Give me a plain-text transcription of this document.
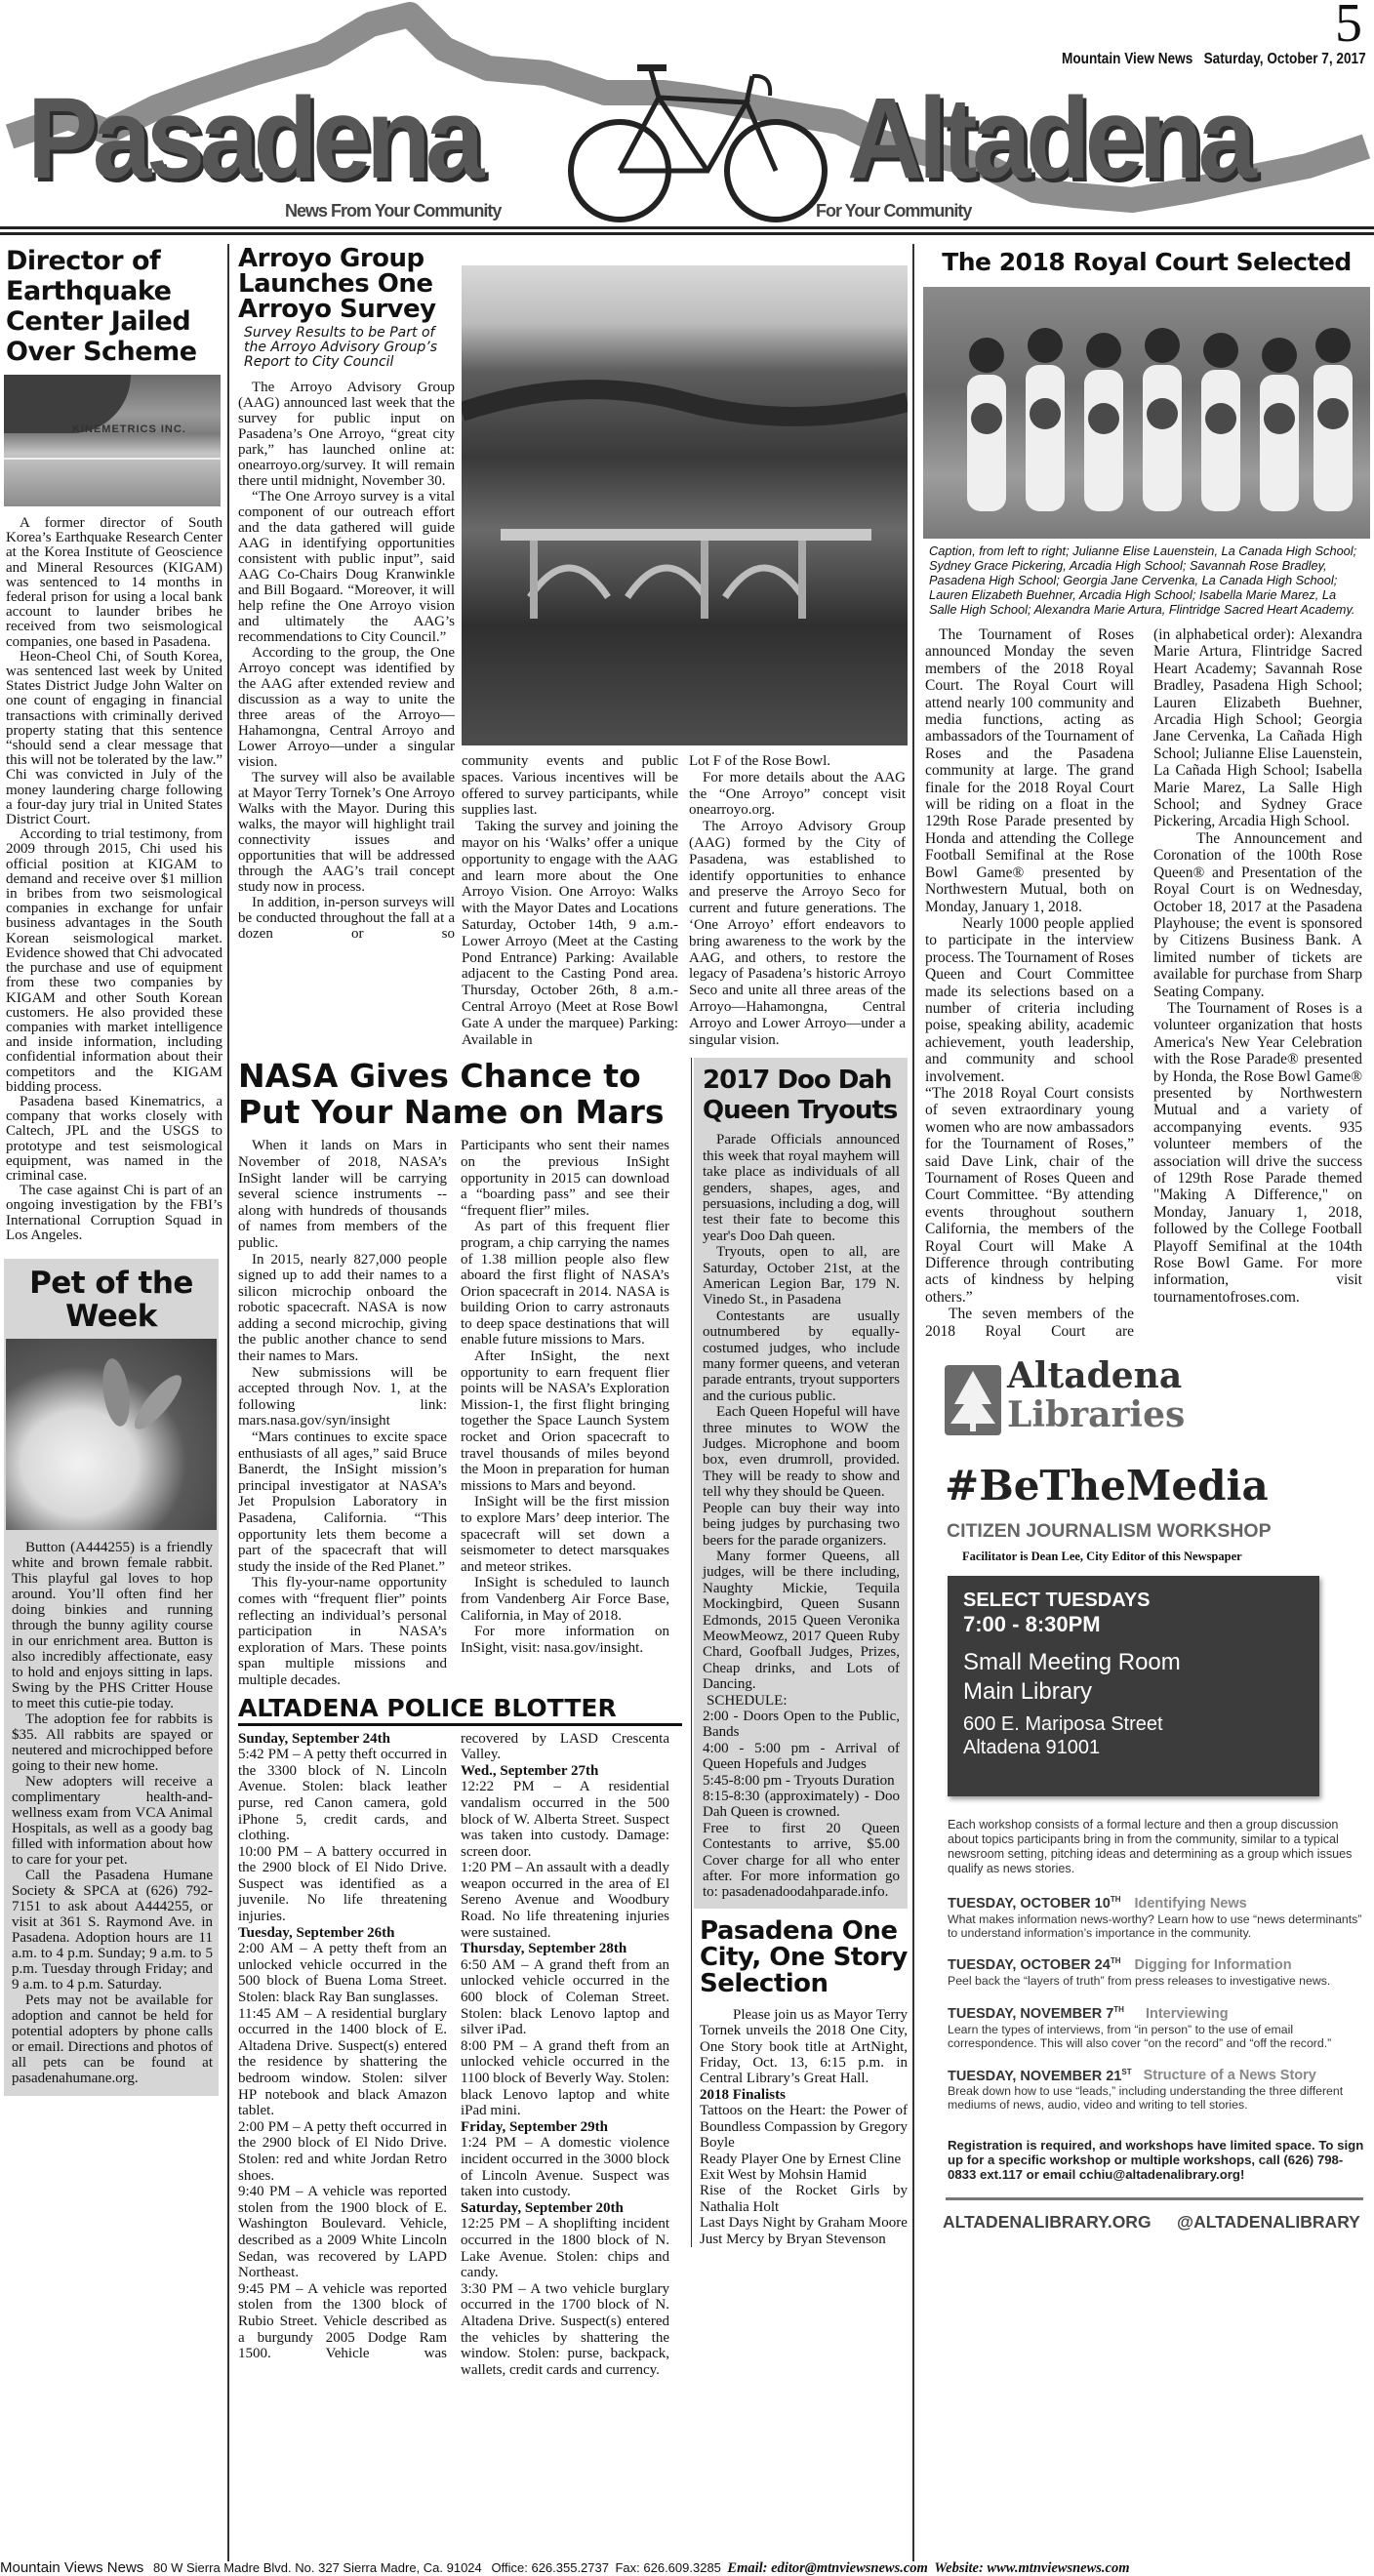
5
Mountain View News   Saturday, October 7, 2017
Pasadena	Altadena
News From Your Community	For Your Community
Director of Earthquake Center Jailed Over Scheme
KINEMETRICS INC.

A former director of South Korea’s Earthquake Research Center at the Korea Institute of Geoscience and Mineral Resources (KIGAM) was sentenced to 14 months in federal prison for using a local bank account to launder bribes he received from two seismological companies, one based in Pasadena.

Heon-Cheol Chi, of South Korea, was sentenced last week by United States District Judge John Walter on one count of engaging in financial transactions with criminally derived property stating that this sentence “should send a clear message that this will not be tolerated by the law.” Chi was convicted in July of the money laundering charge following a four-day jury trial in United States District Court.

According to trial testimony, from 2009 through 2015, Chi used his official position at KIGAM to demand and receive over $1 million in bribes from two seismological companies in exchange for unfair business advantages in the South Korean seismological market. Evidence showed that Chi advocated the purchase and use of equipment from these two companies by KIGAM and other South Korean customers. He also provided these companies with market intelligence and inside information, including confidential information about their competitors and the KIGAM bidding process.

Pasadena based Kinematrics, a company that works closely with Caltech, JPL and the USGS to prototype and test seismological equipment, was named in the criminal case.

The case against Chi is part of an ongoing investigation by the FBI’s International Corruption Squad in Los Angeles.

Pet of the Week

Button (A444255) is a friendly white and brown female rabbit. This playful gal loves to hop around. You’ll often find her doing binkies and running through the bunny agility course in our enrichment area. Button is also incredibly affectionate, easy to hold and enjoys sitting in laps. Swing by the PHS Critter House to meet this cutie-pie today.

The adoption fee for rabbits is $35. All rabbits are spayed or neutered and microchipped before going to their new home.

New adopters will receive a complimentary health-and-wellness exam from VCA Animal Hospitals, as well as a goody bag filled with information about how to care for your pet.

Call the Pasadena Humane Society & SPCA at (626) 792-7151 to ask about A444255, or visit at 361 S. Raymond Ave. in Pasadena. Adoption hours are 11 a.m. to 4 p.m. Sunday; 9 a.m. to 5 p.m. Tuesday through Friday; and 9 a.m. to 4 p.m. Saturday.

Pets may not be available for adoption and cannot be held for potential adopters by phone calls or email. Directions and photos of all pets can be found at pasadenahumane.org.

Arroyo Group Launches One Arroyo Survey
Survey Results to be Part of the Arroyo Advisory Group’s Report to City Council

The Arroyo Advisory Group (AAG) announced last week that the survey for public input on Pasadena’s One Arroyo, “great city park,” has launched online at: onearroyo.org/survey. It will remain there until midnight, November 30.

“The One Arroyo survey is a vital component of our outreach effort and the data gathered will guide AAG in identifying opportunities consistent with public input”, said AAG Co-Chairs Doug Kranwinkle and Bill Bogaard. “Moreover, it will help refine the One Arroyo vision and ultimately the AAG’s recommendations to City Council.”

According to the group, the One Arroyo concept was identified by the AAG after extended review and discussion as a way to unite the three areas of the Arroyo—Hahamongna, Central Arroyo and Lower Arroyo—under a singular vision.

The survey will also be available at Mayor Terry Tornek’s One Arroyo Walks with the Mayor. During this walks, the mayor will highlight trail connectivity issues and opportunities that will be addressed through the AAG’s trail concept study now in process.

In addition, in-person surveys will be conducted throughout the fall at a dozen or so

community events and public spaces. Various incentives will be offered to survey participants, while supplies last.

Taking the survey and joining the mayor on his ‘Walks’ offer a unique opportunity to engage with the AAG and learn more about the One Arroyo Vision. One Arroyo: Walks with the Mayor Dates and Locations Saturday, October 14th, 9 a.m.- Lower Arroyo (Meet at the Casting Pond Entrance) Parking: Available adjacent to the Casting Pond area. Thursday, October 26th, 8 a.m.- Central Arroyo (Meet at Rose Bowl Gate A under the marquee) Parking: Available in

Lot F of the Rose Bowl.

For more details about the AAG the “One Arroyo” concept visit onearroyo.org.

The Arroyo Advisory Group (AAG) formed by the City of Pasadena, was established to identify opportunities to enhance and preserve the Arroyo Seco for current and future generations. The ‘One Arroyo’ effort endeavors to bring awareness to the work by the AAG, and others, to restore the legacy of Pasadena’s historic Arroyo Seco and unite all three areas of the Arroyo—Hahamongna, Central Arroyo and Lower Arroyo—under a singular vision.

NASA Gives Chance to Put Your Name on Mars

When it lands on Mars in November of 2018, NASA’s InSight lander will be carrying several science instruments -- along with hundreds of thousands of names from members of the public.

In 2015, nearly 827,000 people signed up to add their names to a silicon microchip onboard the robotic spacecraft. NASA is now adding a second microchip, giving the public another chance to send their names to Mars.

New submissions will be accepted through Nov. 1, at the following link: mars.nasa.gov/syn/insight

“Mars continues to excite space enthusiasts of all ages,” said Bruce Banerdt, the InSight mission’s principal investigator at NASA’s Jet Propulsion Laboratory in Pasadena, California. “This opportunity lets them become a part of the spacecraft that will study the inside of the Red Planet.”

This fly-your-name opportunity comes with “frequent flier” points reflecting an individual’s personal participation in NASA’s exploration of Mars. These points span multiple missions and multiple decades.

Participants who sent their names on the previous InSight opportunity in 2015 can download a “boarding pass” and see their “frequent flier” miles.

As part of this frequent flier program, a chip carrying the names of 1.38 million people also flew aboard the first flight of NASA’s Orion spacecraft in 2014. NASA is building Orion to carry astronauts to deep space destinations that will enable future missions to Mars.

After InSight, the next opportunity to earn frequent flier points will be NASA’s Exploration Mission-1, the first flight bringing together the Space Launch System rocket and Orion spacecraft to travel thousands of miles beyond the Moon in preparation for human missions to Mars and beyond.

InSight will be the first mission to explore Mars’ deep interior. The spacecraft will set down a seismometer to detect marsquakes and meteor strikes.

InSight is scheduled to launch from Vandenberg Air Force Base, California, in May of 2018.

For more information on InSight, visit: nasa.gov/insight.

ALTADENA POLICE BLOTTER

Sunday, September 24th
5:42 PM – A petty theft occurred in the 3300 block of N. Lincoln Avenue. Stolen: black leather purse, red Canon camera, gold iPhone 5, credit cards, and clothing.

10:00 PM – A battery occurred in the 2900 block of El Nido Drive. Suspect was identified as a juvenile. No life threatening injuries.

Tuesday, September 26th
2:00 AM – A petty theft from an unlocked vehicle occurred in the 500 block of Buena Loma Street. Stolen: black Ray Ban sunglasses.

11:45 AM – A residential burglary occurred in the 1400 block of E. Altadena Drive. Suspect(s) entered the residence by shattering the bedroom window. Stolen: silver HP notebook and black Amazon tablet.

2:00 PM – A petty theft occurred in the 2900 block of El Nido Drive. Stolen: red and white Jordan Retro shoes.

9:40 PM – A vehicle was reported stolen from the 1900 block of E. Washington Boulevard. Vehicle, described as a 2009 White Lincoln Sedan, was recovered by LAPD Northeast.

9:45 PM – A vehicle was reported stolen from the 1300 block of Rubio Street. Vehicle described as a burgundy 2005 Dodge Ram 1500. Vehicle was

recovered by LASD Crescenta Valley.

Wed., September 27th
12:22 PM – A residential vandalism occurred in the 500 block of W. Alberta Street. Suspect was taken into custody. Damage: screen door.

1:20 PM – An assault with a deadly weapon occurred in the area of El Sereno Avenue and Woodbury Road. No life threatening injuries were sustained.

Thursday, September 28th
6:50 AM – A grand theft from an unlocked vehicle occurred in the 600 block of Coleman Street. Stolen: black Lenovo laptop and silver iPad.

8:00 PM – A grand theft from an unlocked vehicle occurred in the 1100 block of Beverly Way. Stolen: black Lenovo laptop and white iPad mini.

Friday, September 29th
1:24 PM – A domestic violence incident occurred in the 3000 block of Lincoln Avenue. Suspect was taken into custody.

Saturday, September 20th
12:25 PM – A shoplifting incident occurred in the 1800 block of N. Lake Avenue. Stolen: chips and candy.

3:30 PM – A two vehicle burglary occurred in the 1700 block of N. Altadena Drive. Suspect(s) entered the vehicles by shattering the window. Stolen: purse, backpack, wallets, credit cards and currency.

2017 Doo Dah Queen Tryouts

Parade Officials announced this week that royal mayhem will take place as individuals of all genders, shapes, ages, and persuasions, including a dog, will test their fate to become this year's Doo Dah queen.

Tryouts, open to all, are Saturday, October 21st, at the American Legion Bar, 179 N. Vinedo St., in Pasadena

Contestants are usually outnumbered by equally-costumed judges, who include many former queens, and veteran parade entrants, tryout supporters and the curious public.

Each Queen Hopeful will have three minutes to WOW the Judges. Microphone and boom box, even drumroll, provided. They will be ready to show and tell why they should be Queen.

People can buy their way into being judges by purchasing two beers for the parade organizers.

Many former Queens, all judges, will be there including, Naughty Mickie, Tequila Mockingbird, Queen Susann Edmonds, 2015 Queen Veronika MeowMeowz, 2017 Queen Ruby Chard, Goofball Judges, Prizes, Cheap drinks, and Lots of Dancing.

SCHEDULE:

2:00 - Doors Open to the Public, Bands

4:00 - 5:00 pm - Arrival of Queen Hopefuls and Judges

5:45-8:00 pm - Tryouts Duration

8:15-8:30 (approximately) - Doo Dah Queen is crowned.

Free to first 20 Queen Contestants to arrive, $5.00 Cover charge for all who enter after. For more information go to: pasadenadoodahparade.info.

Pasadena One City, One Story Selection

Please join us as Mayor Terry Tornek unveils the 2018 One City, One Story book title at ArtNight, Friday, Oct. 13, 6:15 p.m. in Central Library’s Great Hall.

2018 Finalists

Tattoos on the Heart: the Power of Boundless Compassion by Gregory Boyle

Ready Player One by Ernest Cline

Exit West by Mohsin Hamid

Rise of the Rocket Girls by Nathalia Holt

Last Days Night by Graham Moore

Just Mercy by Bryan Stevenson

The 2018 Royal Court Selected
Caption, from left to right; Julianne Elise Lauenstein, La Canada High School; Sydney Grace Pickering, Arcadia High School; Savannah Rose Bradley, Pasadena High School; Georgia Jane Cervenka, La Canada High School; Lauren Elizabeth Buehner, Arcadia High School; Isabella Marie Marez, La Salle High School; Alexandra Marie Artura, Flintridge Sacred Heart Academy.

The Tournament of Roses announced Monday the seven members of the 2018 Royal Court. The Royal Court will attend nearly 100 community and media functions, acting as ambassadors of the Tournament of Roses and the Pasadena community at large. The grand finale for the 2018 Royal Court will be riding on a float in the 129th Rose Parade presented by Honda and attending the College Football Semifinal at the Rose Bowl Game® presented by Northwestern Mutual, both on Monday, January 1, 2018.

Nearly 1000 people applied to participate in the interview process. The Tournament of Roses Queen and Court Committee made its selections based on a number of criteria including poise, speaking ability, academic achievement, youth leadership, and community and school involvement.

“The 2018 Royal Court consists of seven extraordinary young women who are now ambassadors for the Tournament of Roses,” said Dave Link, chair of the Tournament of Roses Queen and Court Committee. “By attending events throughout southern California, the members of the Royal Court will Make A Difference through contributing acts of kindness by helping others.”

The seven members of the 2018 Royal Court are

(in alphabetical order): Alexandra Marie Artura, Flintridge Sacred Heart Academy; Savannah Rose Bradley, Pasadena High School; Lauren Elizabeth Buehner, Arcadia High School; Georgia Jane Cervenka, La Cañada High School; Julianne Elise Lauenstein, La Cañada High School; Isabella Marie Marez, La Salle High School; and Sydney Grace Pickering, Arcadia High School.

The Announcement and Coronation of the 100th Rose Queen® and Presentation of the Royal Court is on Wednesday, October 18, 2017 at the Pasadena Playhouse; the event is sponsored by Citizens Business Bank. A limited number of tickets are available for purchase from Sharp Seating Company.

The Tournament of Roses is a volunteer organization that hosts America's New Year Celebration with the Rose Parade® presented by Honda, the Rose Bowl Game® presented by Northwestern Mutual and a variety of accompanying events. 935 volunteer members of the association will drive the success of 129th Rose Parade themed "Making A Difference," on Monday, January 1, 2018, followed by the College Football Playoff Semifinal at the 104th Rose Bowl Game. For more information, visit tournamentofroses.com.

Altadena
Libraries
#BeTheMedia
CITIZEN JOURNALISM WORKSHOP
Facilitator is Dean Lee, City Editor of this Newspaper
SELECT TUESDAYS
7:00 - 8:30PM
Small Meeting Room
Main Library
600 E. Mariposa Street
Altadena 91001
Each workshop consists of a formal lecture and then a group discussion about topics participants bring in from the community, similar to a typical newsroom setting, pitching ideas and determining as a group which issues qualify as news stories.
TUESDAY, OCTOBER 10TH Identifying News
What makes information news-worthy? Learn how to use “news determinants” to understand information’s importance in the community.
TUESDAY, OCTOBER 24TH Digging for Information
Peel back the “layers of truth” from press releases to investigative news.
TUESDAY, NOVEMBER 7TH Interviewing
Learn the types of interviews, from “in person” to the use of email correspondence. This will also cover “on the record” and “off the record.”
TUESDAY, NOVEMBER 21ST Structure of a News Story
Break down how to use “leads,” including understanding the three different mediums of news, audio, video and writing to tell stories.
Registration is required, and workshops have limited space. To sign up for a specific workshop or multiple workshops, call (626) 798-0833 ext.117 or email cchiu@altadenalibrary.org!
ALTADENALIBRARY.ORG @ALTADENALIBRARY
Mountain Views News 80 W Sierra Madre Blvd. No. 327 Sierra Madre, Ca. 91024 Office: 626.355.2737 Fax: 626.609.3285 Email: editor@mtnviewsnews.com Website: www.mtnviewsnews.com
